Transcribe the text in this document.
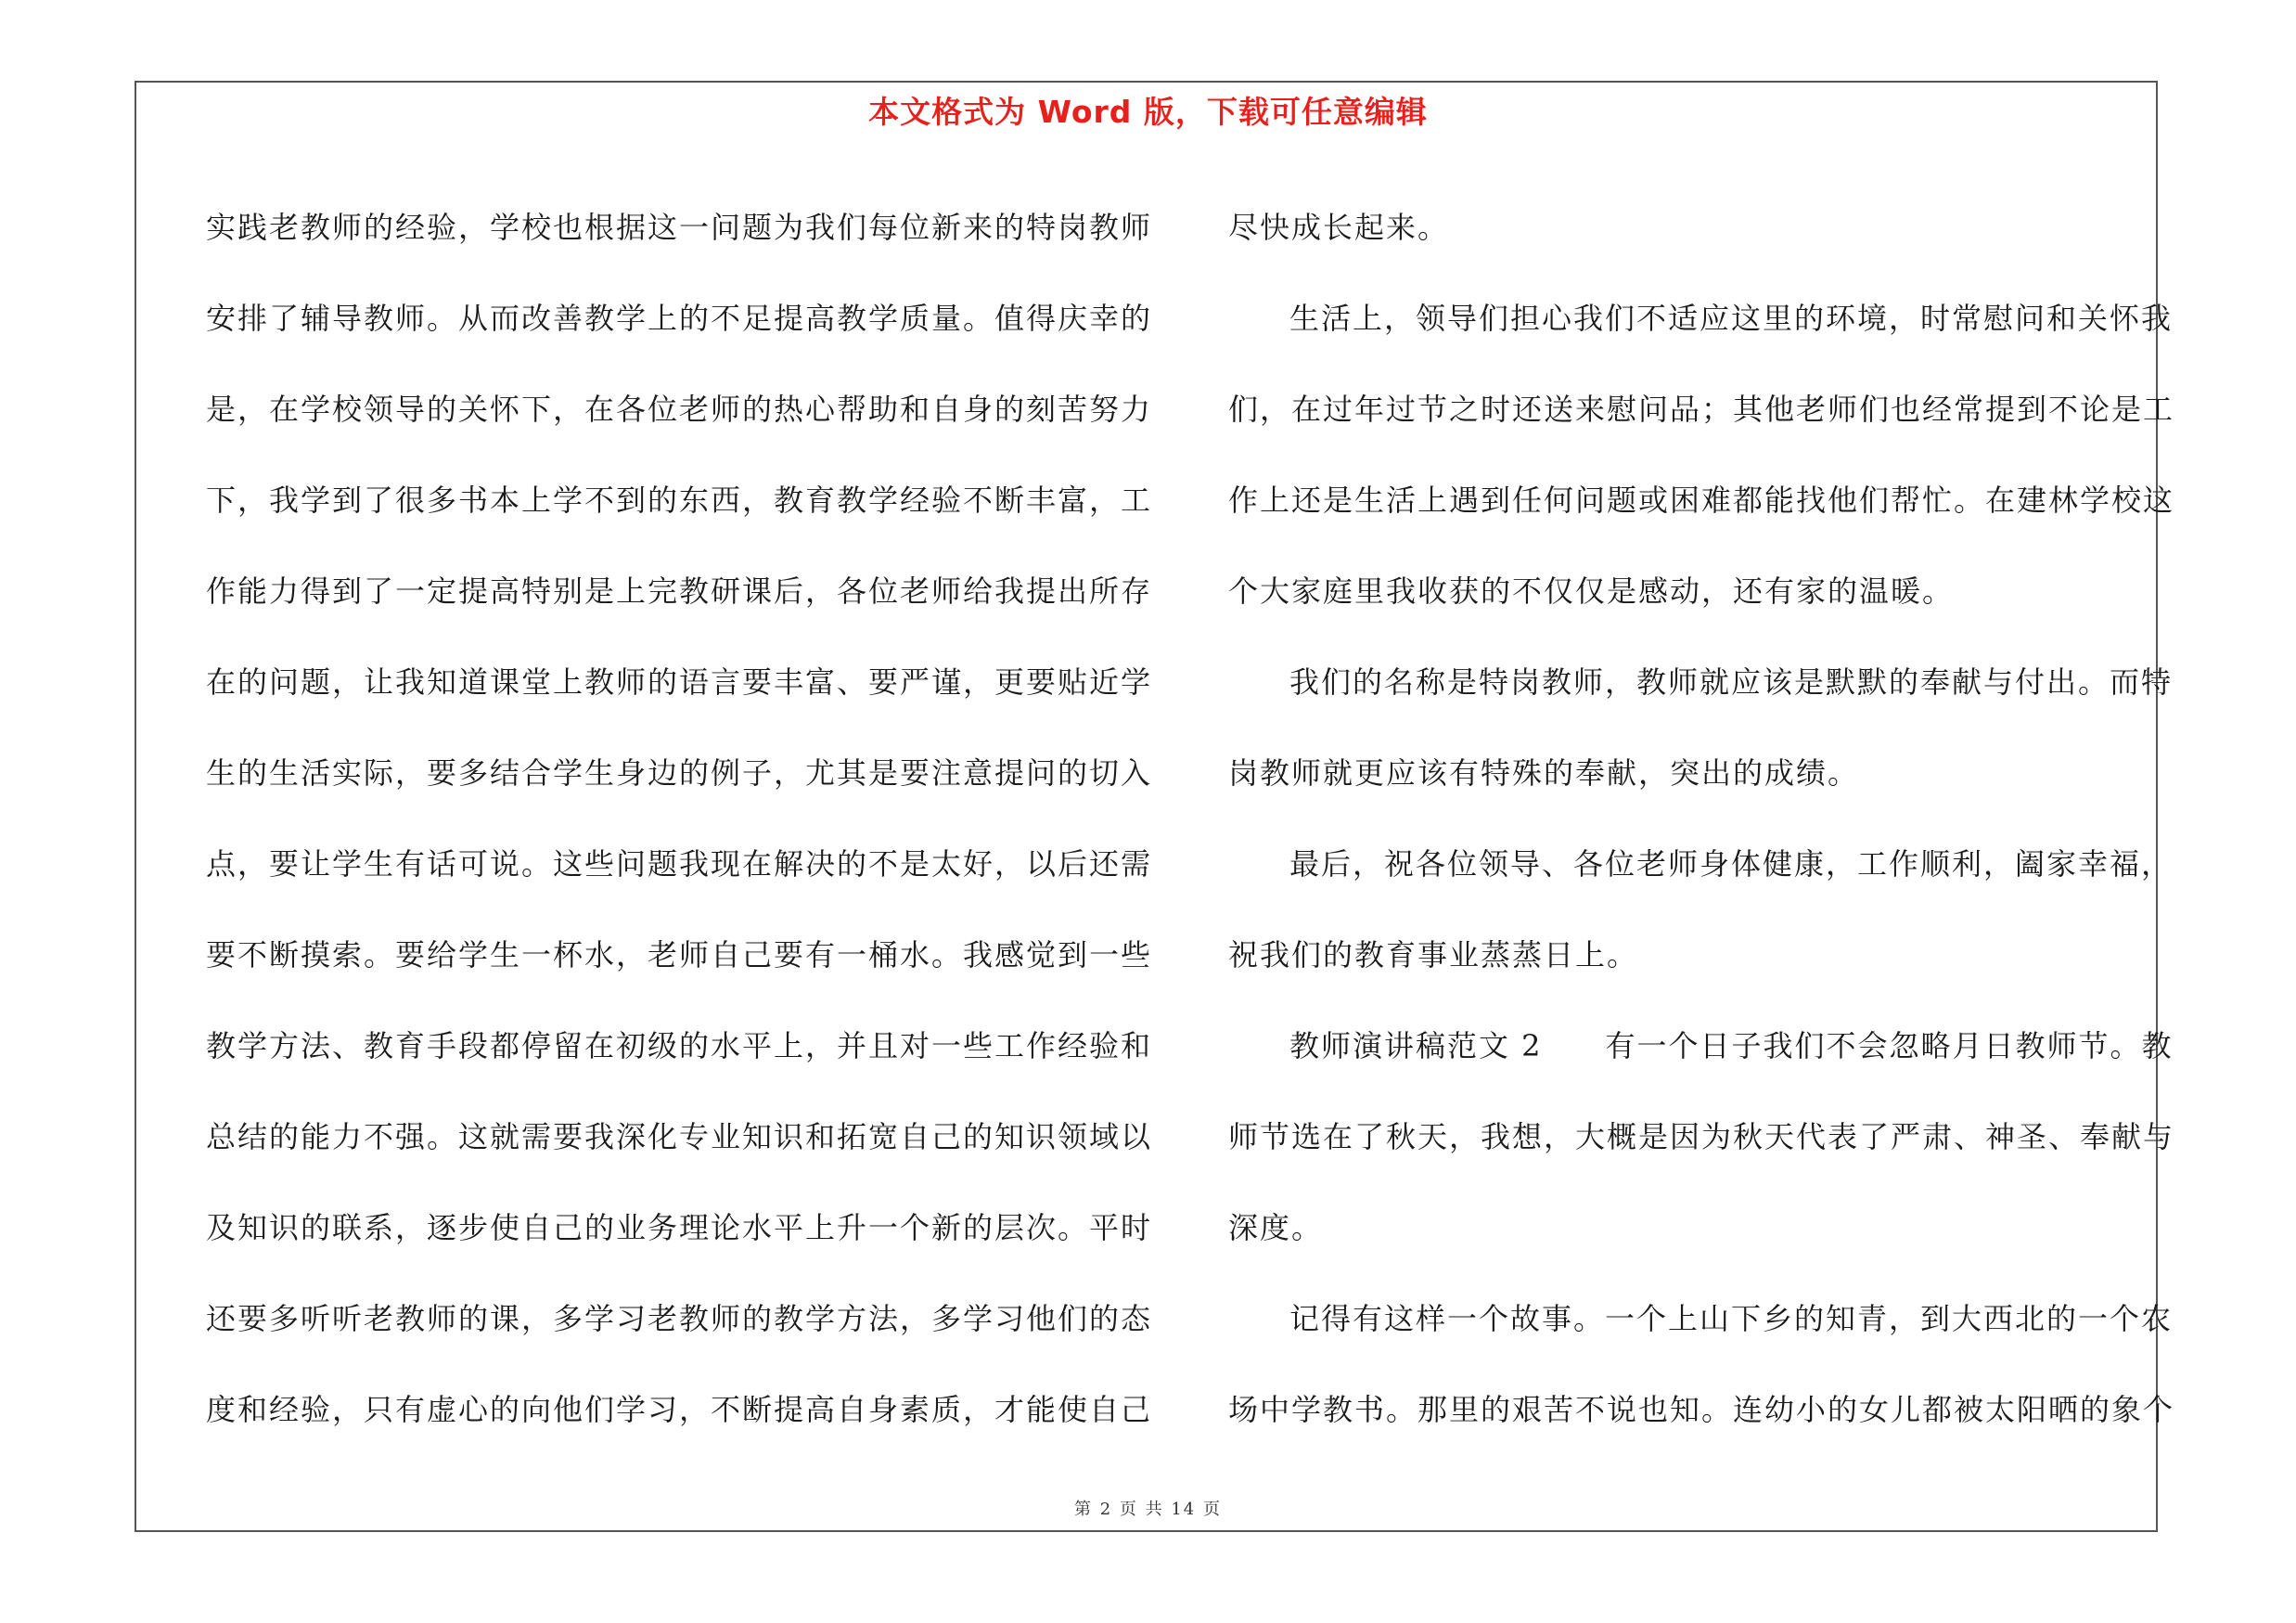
本文格式为 Word 版，下载可任意编辑

实践老教师的经验，学校也根据这一问题为我们每位新来的特岗教师
安排了辅导教师。从而改善教学上的不足提高教学质量。值得庆幸的
是，在学校领导的关怀下，在各位老师的热心帮助和自身的刻苦努力
下，我学到了很多书本上学不到的东西，教育教学经验不断丰富，工
作能力得到了一定提高特别是上完教研课后，各位老师给我提出所存
在的问题，让我知道课堂上教师的语言要丰富、要严谨，更要贴近学
生的生活实际，要多结合学生身边的例子，尤其是要注意提问的切入
点，要让学生有话可说。这些问题我现在解决的不是太好，以后还需
要不断摸索。要给学生一杯水，老师自己要有一桶水。我感觉到一些
教学方法、教育手段都停留在初级的水平上，并且对一些工作经验和
总结的能力不强。这就需要我深化专业知识和拓宽自己的知识领域以
及知识的联系，逐步使自己的业务理论水平上升一个新的层次。平时
还要多听听老教师的课，多学习老教师的教学方法，多学习他们的态
度和经验，只有虚心的向他们学习，不断提高自身素质，才能使自己

尽快成长起来。

生活上，领导们担心我们不适应这里的环境，时常慰问和关怀我
们，在过年过节之时还送来慰问品；其他老师们也经常提到不论是工
作上还是生活上遇到任何问题或困难都能找他们帮忙。在建林学校这
个大家庭里我收获的不仅仅是感动，还有家的温暖。

我们的名称是特岗教师，教师就应该是默默的奉献与付出。而特
岗教师就更应该有特殊的奉献，突出的成绩。

最后，祝各位领导、各位老师身体健康，工作顺利，阖家幸福，
祝我们的教育事业蒸蒸日上。

教师演讲稿范文 2　　有一个日子我们不会忽略月日教师节。教
师节选在了秋天，我想，大概是因为秋天代表了严肃、神圣、奉献与
深度。

记得有这样一个故事。一个上山下乡的知青，到大西北的一个农
场中学教书。那里的艰苦不说也知。连幼小的女儿都被太阳晒的象个

第 2 页 共 14 页
